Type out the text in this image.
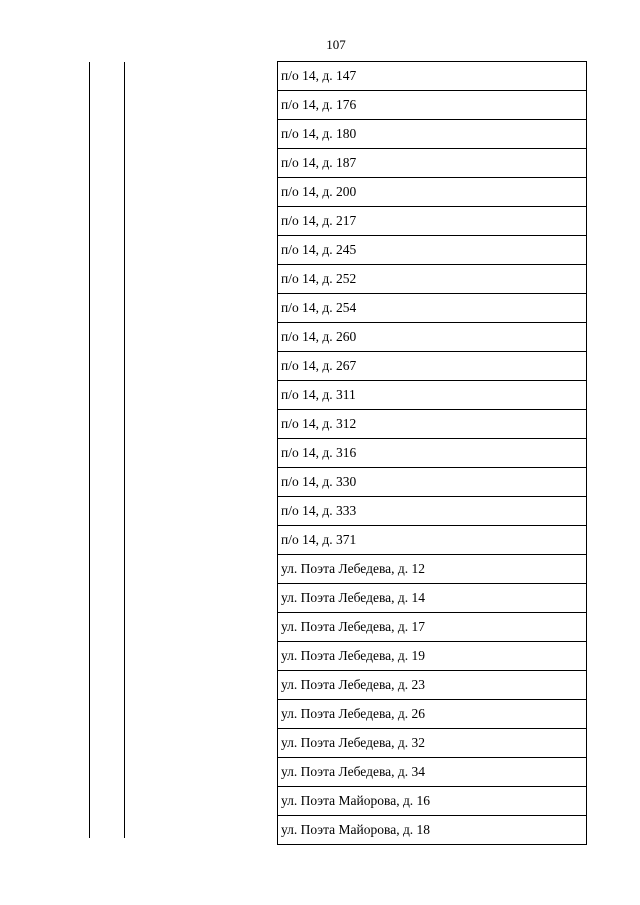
107
п/о 14, д. 147
п/о 14, д. 176
п/о 14, д. 180
п/о 14, д. 187
п/о 14, д. 200
п/о 14, д. 217
п/о 14, д. 245
п/о 14, д. 252
п/о 14, д. 254
п/о 14, д. 260
п/о 14, д. 267
п/о 14, д. 311
п/о 14, д. 312
п/о 14, д. 316
п/о 14, д. 330
п/о 14, д. 333
п/о 14, д. 371
ул. Поэта Лебедева, д. 12
ул. Поэта Лебедева, д. 14
ул. Поэта Лебедева, д. 17
ул. Поэта Лебедева, д. 19
ул. Поэта Лебедева, д. 23
ул. Поэта Лебедева, д. 26
ул. Поэта Лебедева, д. 32
ул. Поэта Лебедева, д. 34
ул. Поэта Майорова, д. 16
ул. Поэта Майорова, д. 18
